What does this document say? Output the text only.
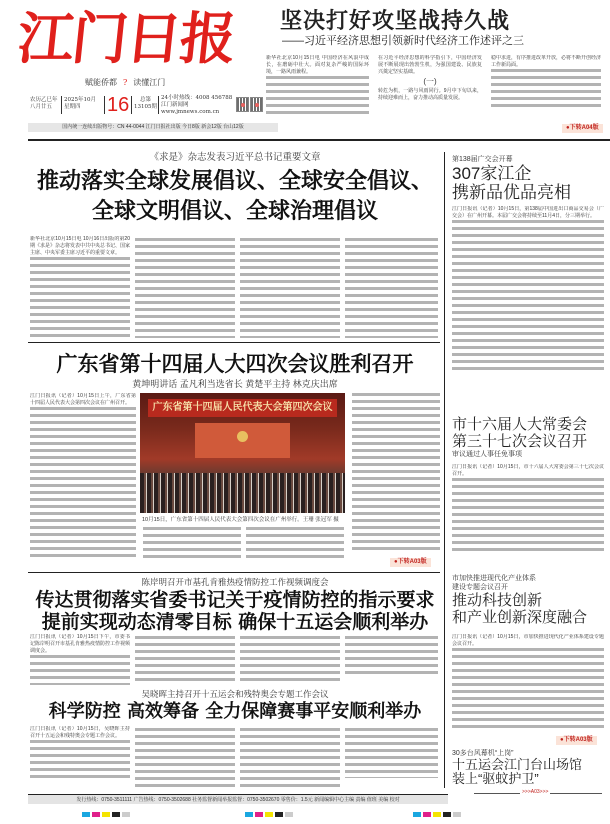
江门日报
赋能侨都 ? 读懂江门
农历乙巳年
八月廿五
2025年10月
星期四	16	总第
13105期
24小时热线：4008 456788
江门新闻网 www.jmnews.com.cn
国内统一连续出版物号：CN 44-0044 江门日报社出版 今日8版 新会12版 台山12版
坚决打好攻坚战持久战
——习近平经济思想引领新时代经济工作述评之三

新华社北京10月15日电 中国经济在风浪中成长，在磨砺中壮大。面对复杂严峻的国际环境，一路风雨兼程。

在习近平经济思想的科学指引下，中国经济发展不断展现出勃勃生机，为强国建设、民族复兴奠定坚实基础。

(一)

转危为机，一路与风雨同行。9月中下旬以来，持续迎难而上，奋力推动高质量发展。

稳中求进，有序推进改革开放，必将不断开创经济工作新局面。

● 下转A04版
《求是》杂志发表习近平总书记重要文章
推动落实全球发展倡议、全球安全倡议、
全球文明倡议、全球治理倡议

新华社北京10月15日电 10月16日出版的第20期《求是》杂志将发表中共中央总书记、国家主席、中央军委主席习近平的重要文章。

广东省第十四届人大四次会议胜利召开
黄坤明讲话 孟凡利当选省长 黄楚平主持 林克庆出席

江门日报讯（记者）10月15日上午，广东省第十四届人民代表大会第四次会议在广州召开。	广东省第十四届人民代表大会第四次会议
10月15日，广东省第十四届人民代表大会第四次会议在广州举行。王珊 张冠军 摄
● 下转A03版
陈岸明召开市基孔肯雅热疫情防控工作视频调度会
传达贯彻落实省委书记关于疫情防控的指示要求
提前实现动态清零目标 确保十五运会顺利举办

江门日报讯（记者）10月15日下午，市委书记陈岸明召开市基孔肯雅热疫情防控工作视频调度会。

吴晓晖主持召开十五运会和残特奥会专题工作会议
科学防控 高效筹备 全力保障赛事平安顺利举办

江门日报讯（记者）10月15日，吴晓晖主持召开十五运会和残特奥会专题工作会议。

第138届广交会开幕
307家江企
携新品优品亮相

江门日报讯（记者）10月15日，第138届中国进出口商品交易会（广交会）在广州开幕。本届广交会将持续至11月4日，分三期举行。

市十六届人大常委会
第三十七次会议召开
审议通过人事任免事项

江门日报讯（记者）10月15日，市十六届人大常委会第三十七次会议召开。

市加快推进现代化产业体系
建设专题会议召开
推动科技创新
和产业创新深度融合

江门日报讯（记者）10月15日，市加快推进现代化产业体系建设专题会议召开。

● 下转A03版
30多台风幕机“上岗”
十五运会江门台山场馆
装上“驱蚊护卫”
>>>A03>>>
发行热线：0750-3511111 广告热线：0750-3502688 社务监督新闻举报监督：0750-3502670 零售价：1.5元 新闻编辑中心主编 责编 值班 美编 校对
